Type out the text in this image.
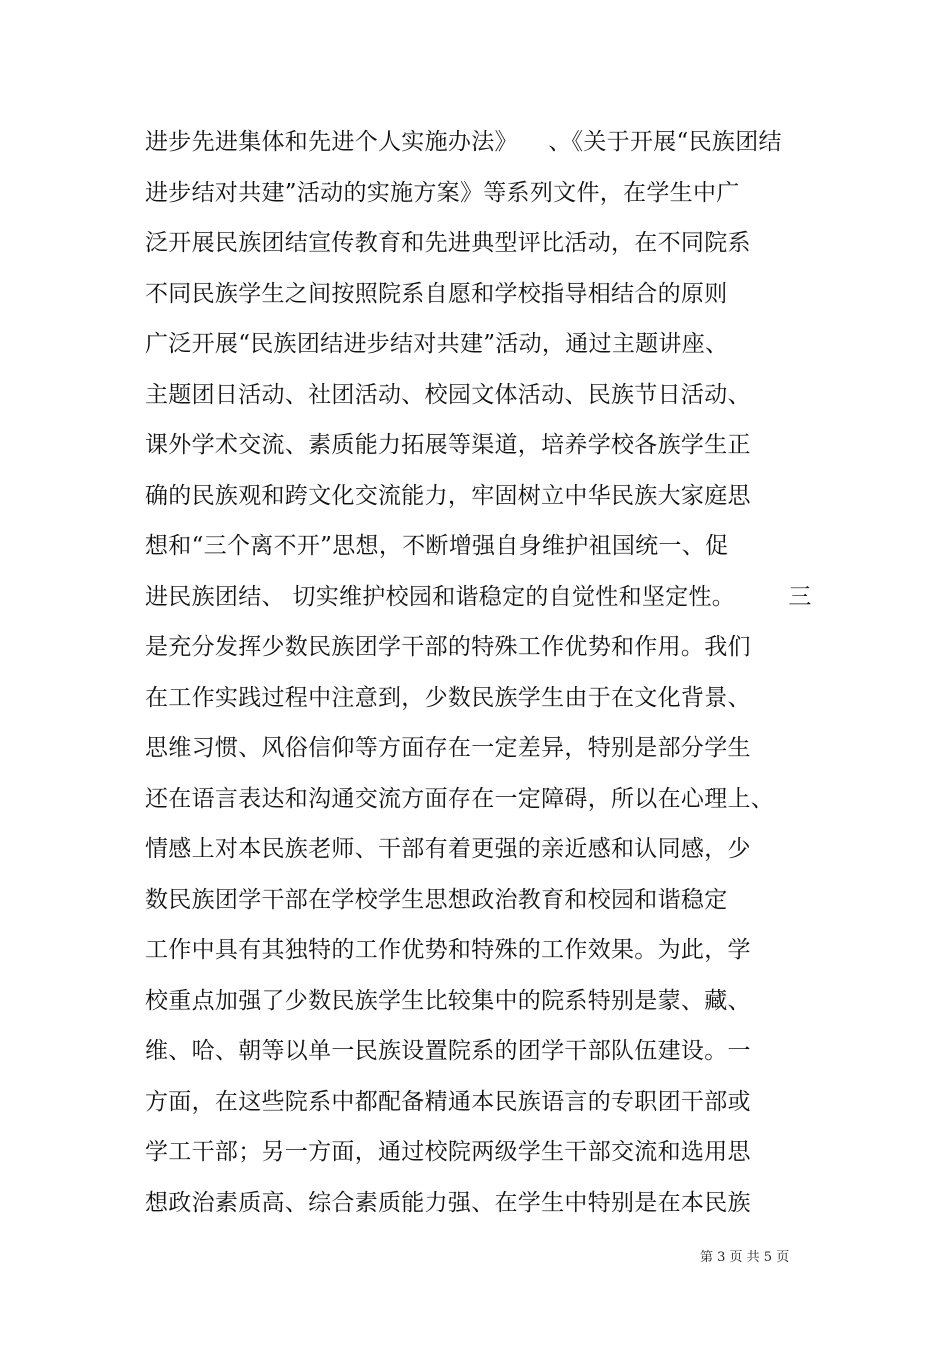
进步先进集体和先进个人实施办法》    、《关于开展“民族团结
进步结对共建”活动的实施方案》等系列文件，在学生中广
泛开展民族团结宣传教育和先进典型评比活动，在不同院系
不同民族学生之间按照院系自愿和学校指导相结合的原则
广泛开展“民族团结进步结对共建”活动，通过主题讲座、
主题团日活动、社团活动、校园文体活动、民族节日活动、
课外学术交流、素质能力拓展等渠道，培养学校各族学生正
确的民族观和跨文化交流能力，牢固树立中华民族大家庭思
想和“三个离不开”思想，不断增强自身维护祖国统一、促
进民族团结、 切实维护校园和谐稳定的自觉性和坚定性。       三
是充分发挥少数民族团学干部的特殊工作优势和作用。我们
在工作实践过程中注意到，少数民族学生由于在文化背景、
思维习惯、风俗信仰等方面存在一定差异，特别是部分学生
还在语言表达和沟通交流方面存在一定障碍，所以在心理上、
情感上对本民族老师、干部有着更强的亲近感和认同感，少
数民族团学干部在学校学生思想政治教育和校园和谐稳定
工作中具有其独特的工作优势和特殊的工作效果。为此，学
校重点加强了少数民族学生比较集中的院系特别是蒙、藏、
维、哈、朝等以单一民族设置院系的团学干部队伍建设。一
方面，在这些院系中都配备精通本民族语言的专职团干部或
学工干部；另一方面，通过校院两级学生干部交流和选用思
想政治素质高、综合素质能力强、在学生中特别是在本民族
第 3 页 共 5 页
